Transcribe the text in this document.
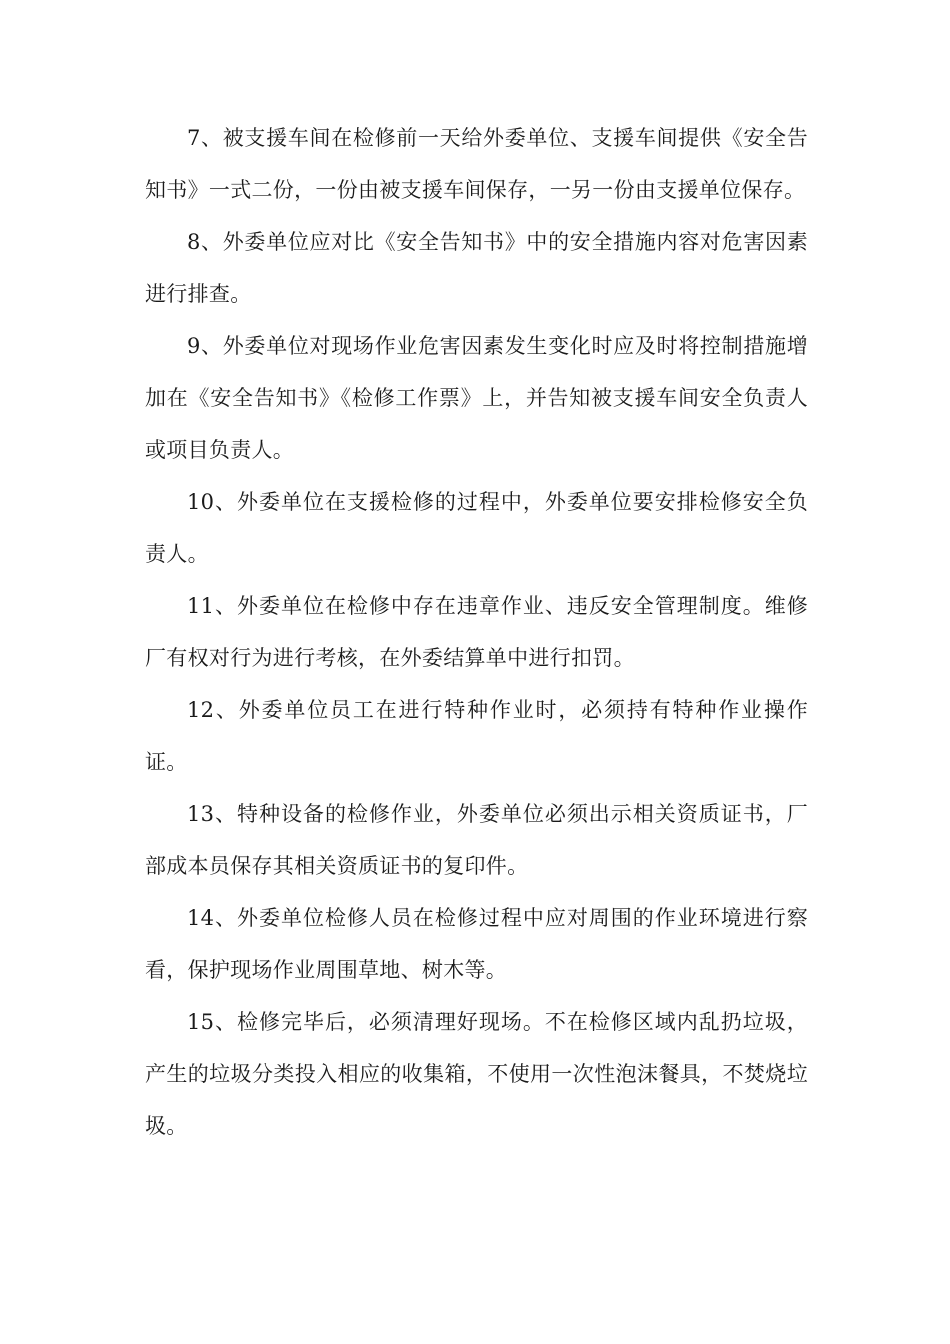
7、被支援车间在检修前一天给外委单位、支援车间提供《安全告知书》一式二份，一份由被支援车间保存，一另一份由支援单位保存。

8、外委单位应对比《安全告知书》中的安全措施内容对危害因素进行排查。

9、外委单位对现场作业危害因素发生变化时应及时将控制措施增加在《安全告知书》《检修工作票》上，并告知被支援车间安全负责人或项目负责人。

10、外委单位在支援检修的过程中，外委单位要安排检修安全负责人。

11、外委单位在检修中存在违章作业、违反安全管理制度。维修厂有权对行为进行考核，在外委结算单中进行扣罚。

12、外委单位员工在进行特种作业时，必须持有特种作业操作证。

13、特种设备的检修作业，外委单位必须出示相关资质证书，厂部成本员保存其相关资质证书的复印件。

14、外委单位检修人员在检修过程中应对周围的作业环境进行察看，保护现场作业周围草地、树木等。

15、检修完毕后，必须清理好现场。不在检修区域内乱扔垃圾，产生的垃圾分类投入相应的收集箱，不使用一次性泡沫餐具，不焚烧垃圾。
